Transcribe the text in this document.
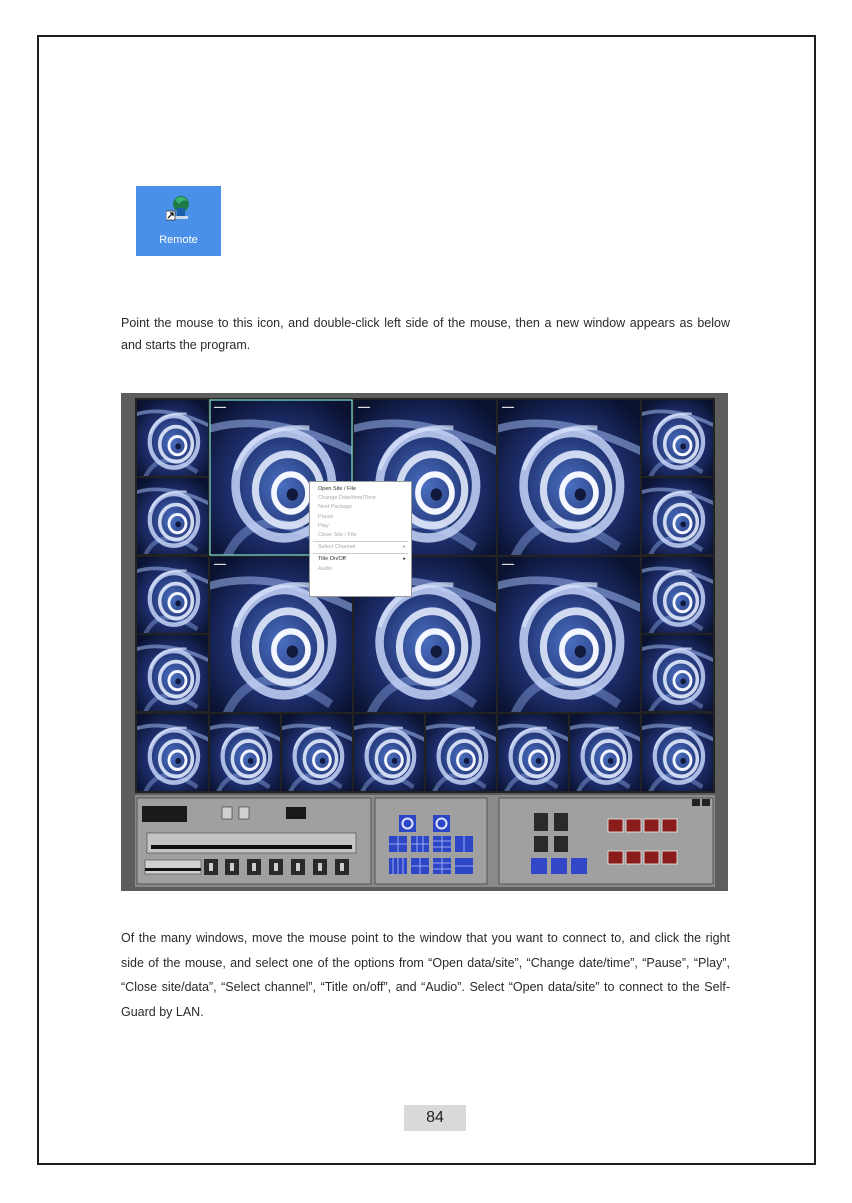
Remote

Point the mouse to this icon, and double-click left side of the mouse, then a new window appears as below and starts the program.

▬▬▬	▬▬▬	▬▬▬
▬▬▬	▬▬▬
Open Site / File
Change Date/time/Time
Next Package
Pause
Play
Close Site / File
Select Channel	▸
Title On/Off	▸
Audio

Of the many windows, move the mouse point to the window that you want to connect to, and click the right side of the mouse, and select one of the options from “Open data/site”, “Change date/time”, “Pause”, “Play”, “Close site/data”, “Select channel”, “Title on/off”, and “Audio”. Select “Open data/site” to connect to the Self-Guard by LAN.

84
